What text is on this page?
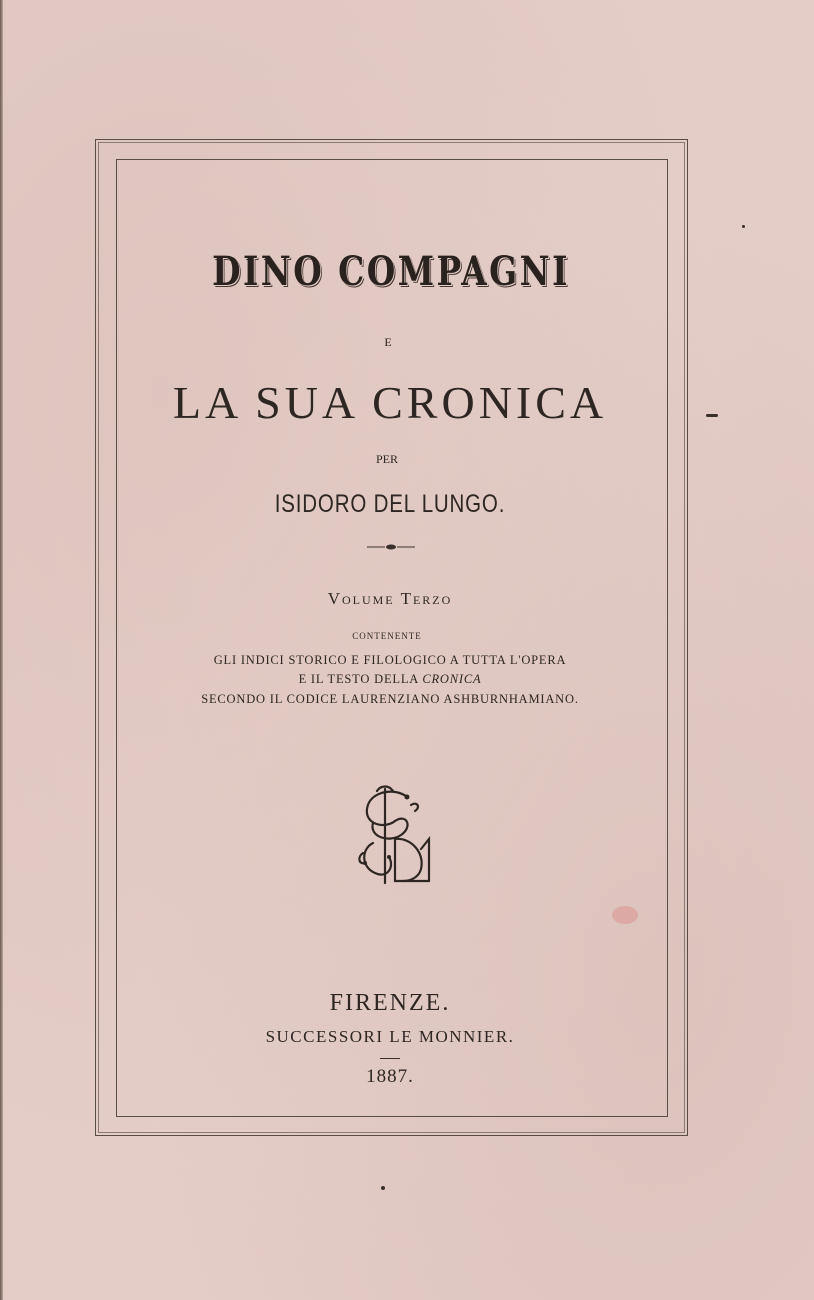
DINO COMPAGNI
E
LA SUA CRONICA
PER
ISIDORO DEL LUNGO.
Volume Terzo
CONTENENTE
GLI INDICI STORICO E FILOLOGICO A TUTTA L'OPERA
E IL TESTO DELLA CRONICA
SECONDO IL CODICE LAURENZIANO ASHBURNHAMIANO.
FIRENZE.
SUCCESSORI LE MONNIER.
1887.
